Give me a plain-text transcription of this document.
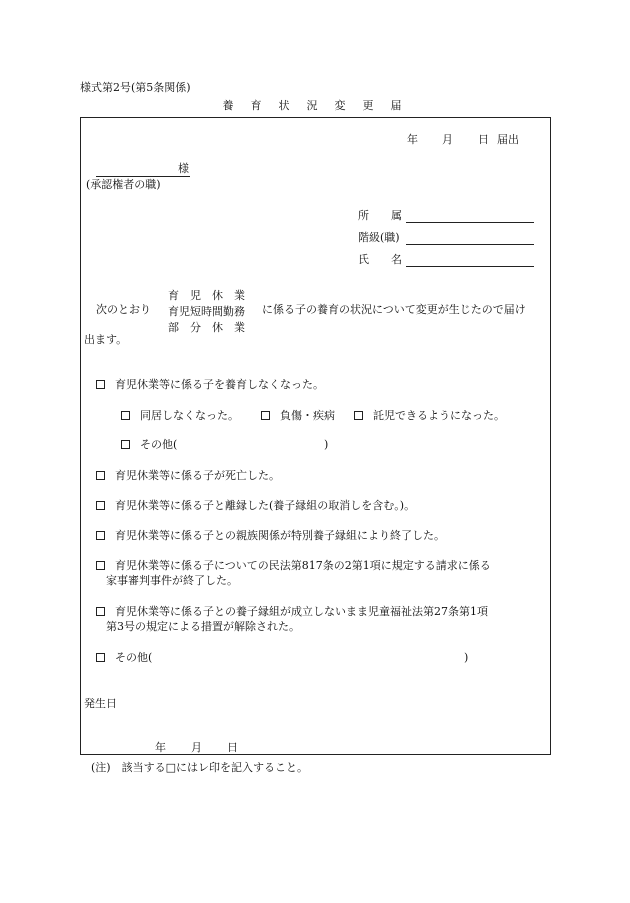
様式第2号(第5条関係)
養 育 状 況 変 更 届
年 月 日 届出
様
(承認権者の職)
所　　属
階級(職)
氏　　名
次のとおり
育　児　休　業
育児短時間勤務
部　分　休　業
に係る子の養育の状況について変更が生じたので届け
出ます。
育児休業等に係る子を養育しなくなった。
同居しなくなった。	負傷・疾病	託児できるようになった。
その他(	)
育児休業等に係る子が死亡した。
育児休業等に係る子と離縁した(養子縁組の取消しを含む。)。
育児休業等に係る子との親族関係が特別養子縁組により終了した。
育児休業等に係る子についての民法第817条の2第1項に規定する請求に係る
家事審判事件が終了した。
育児休業等に係る子との養子縁組が成立しないまま児童福祉法第27条第1項
第3号の規定による措置が解除された。
その他(	)
発生日
年 月 日
(注)　該当する□にはレ印を記入すること。
